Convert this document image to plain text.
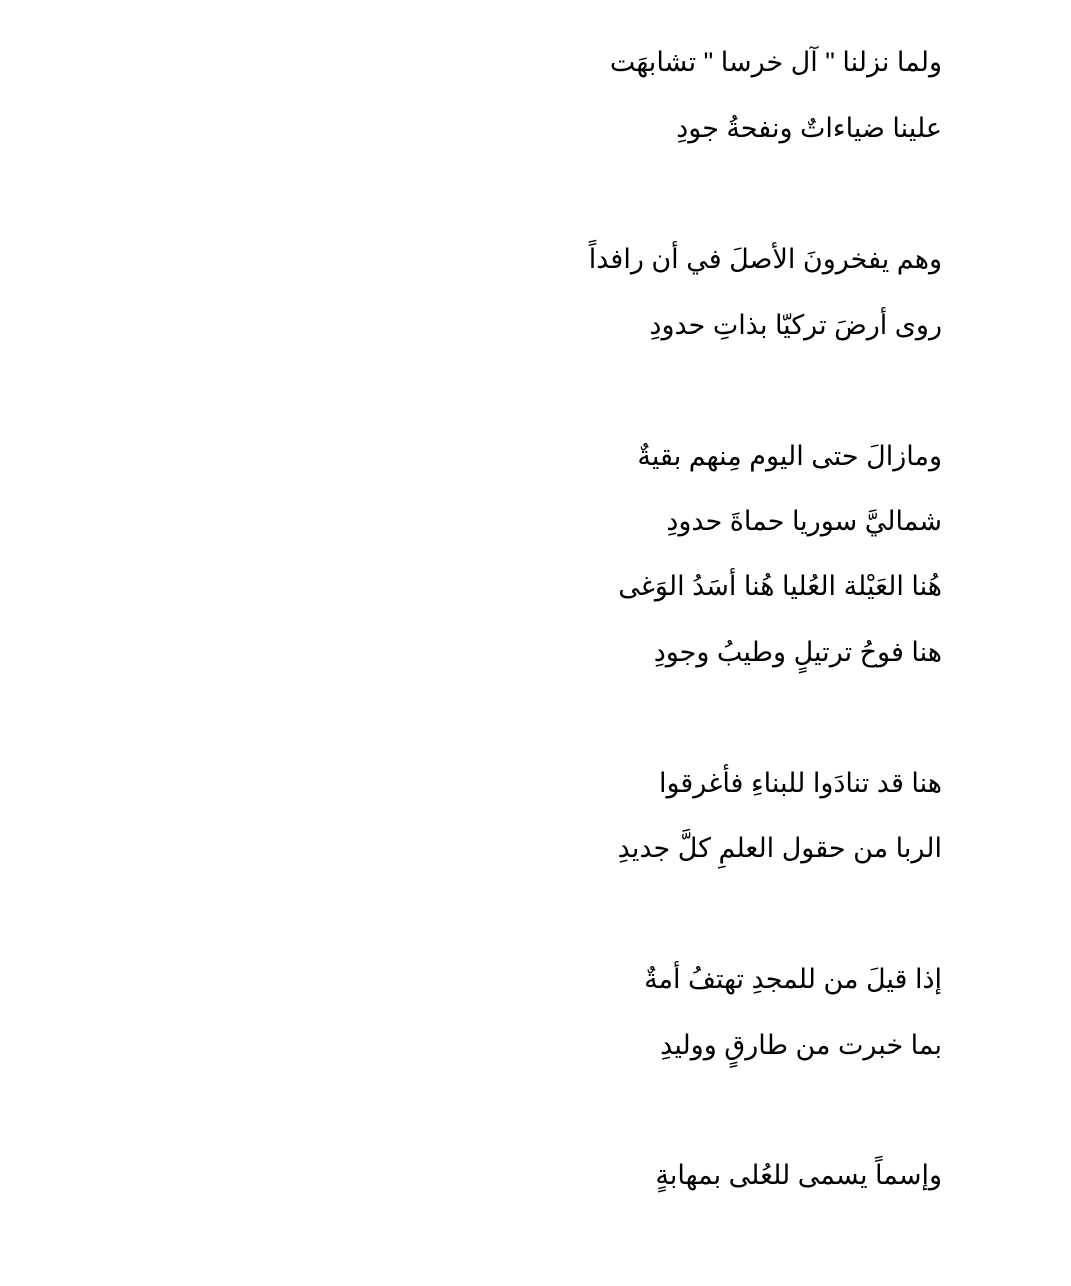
ولما نزلنا " آل خرسا " تشابهَت
علينا ضياءاتٌ ونفحةُ جودِ
وهم يفخرونَ الأصلَ في أن رافداً
روى أرضَ تركيّا بذاتِ حدودِ
ومازالَ حتى اليوم مِنهم بقيةٌ
شماليَّ سوريا حماةَ حدودِ
هُنا العَيْلة العُليا هُنا أسَدُ الوَغى
هنا فوحُ ترتيلٍ وطيبُ وجودِ
هنا قد تنادَوا للبناءِ فأغرقوا
الربا من حقول العلمِ كلَّ جديدِ
إذا قيلَ من للمجدِ تهتفُ أمةٌ
بما خبرت من طارقٍ ووليدِ
وإسماً يسمى للعُلى بمهابةٍ
